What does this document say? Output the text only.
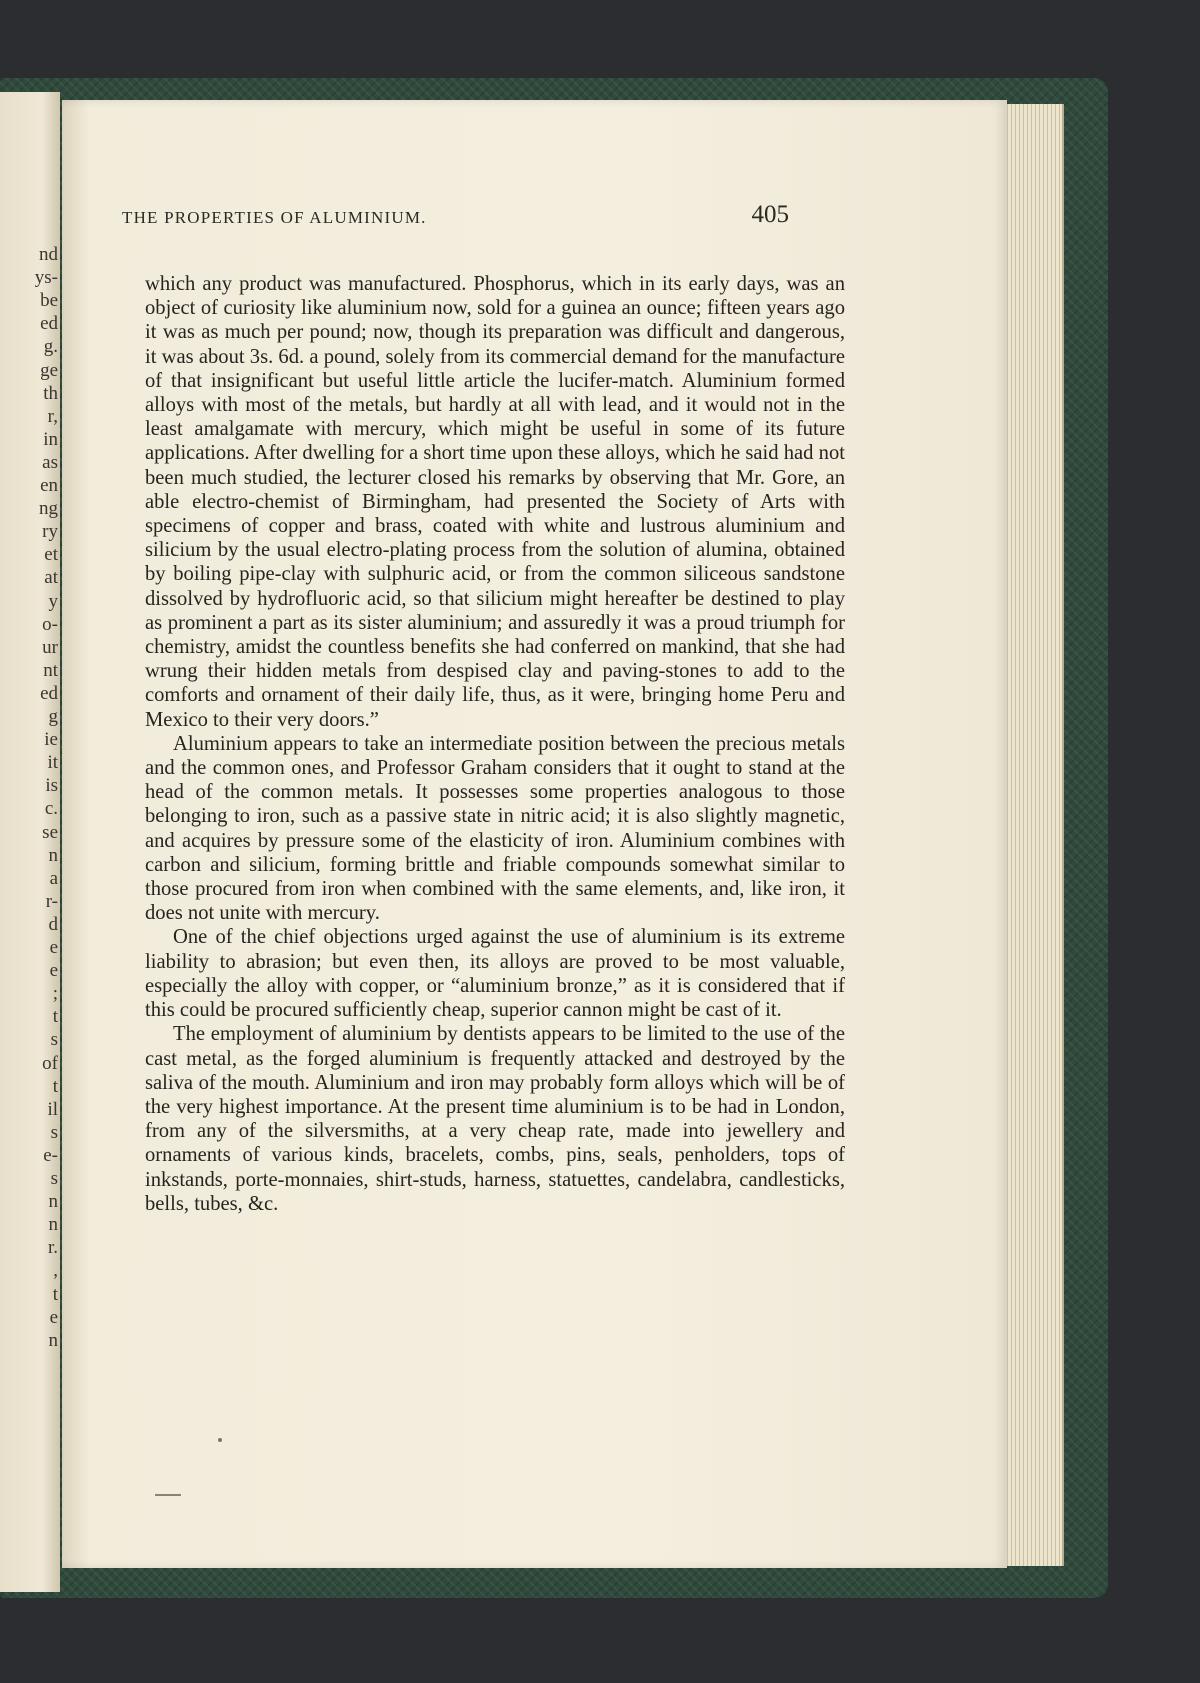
nd
ys-
be
ed
g.
ge
th
r,
in
as
en
ng
ry
et
at
y
o-
ur
nt
ed
g
ie
it
is
c.
se
n
a
r-
d
e
e
;
t
s
of
t
il
s
e-
s
n
n
r.
,
t
e
n
THE PROPERTIES OF ALUMINIUM.	405

which any product was manufactured. Phosphorus, which in its early days, was an object of curiosity like aluminium now, sold for a guinea an ounce; fifteen years ago it was as much per pound; now, though its preparation was difficult and dangerous, it was about 3s. 6d. a pound, solely from its commercial demand for the manufacture of that insignificant but useful little article the lucifer-match. Aluminium formed alloys with most of the metals, but hardly at all with lead, and it would not in the least amalgamate with mercury, which might be useful in some of its future applications. After dwelling for a short time upon these alloys, which he said had not been much studied, the lecturer closed his remarks by observing that Mr. Gore, an able electro-chemist of Birmingham, had presented the Society of Arts with specimens of copper and brass, coated with white and lustrous aluminium and silicium by the usual electro-plating process from the solution of alumina, obtained by boiling pipe-clay with sulphuric acid, or from the common siliceous sandstone dissolved by hydrofluoric acid, so that silicium might hereafter be destined to play as prominent a part as its sister aluminium; and assuredly it was a proud triumph for chemistry, amidst the countless benefits she had conferred on mankind, that she had wrung their hidden metals from despised clay and paving-stones to add to the comforts and ornament of their daily life, thus, as it were, bringing home Peru and Mexico to their very doors.”

Aluminium appears to take an intermediate position between the precious metals and the common ones, and Professor Graham considers that it ought to stand at the head of the common metals. It possesses some properties analogous to those belonging to iron, such as a passive state in nitric acid; it is also slightly magnetic, and acquires by pressure some of the elasticity of iron. Aluminium combines with carbon and silicium, forming brittle and friable compounds somewhat similar to those procured from iron when combined with the same elements, and, like iron, it does not unite with mercury.

One of the chief objections urged against the use of aluminium is its extreme liability to abrasion; but even then, its alloys are proved to be most valuable, especially the alloy with copper, or “aluminium bronze,” as it is considered that if this could be procured sufficiently cheap, superior cannon might be cast of it.

The employment of aluminium by dentists appears to be limited to the use of the cast metal, as the forged aluminium is frequently attacked and destroyed by the saliva of the mouth. Aluminium and iron may probably form alloys which will be of the very highest importance. At the present time aluminium is to be had in London, from any of the silversmiths, at a very cheap rate, made into jewellery and ornaments of various kinds, bracelets, combs, pins, seals, penholders, tops of inkstands, porte-monnaies, shirt-studs, harness, statuettes, candelabra, candlesticks, bells, tubes, &c.
